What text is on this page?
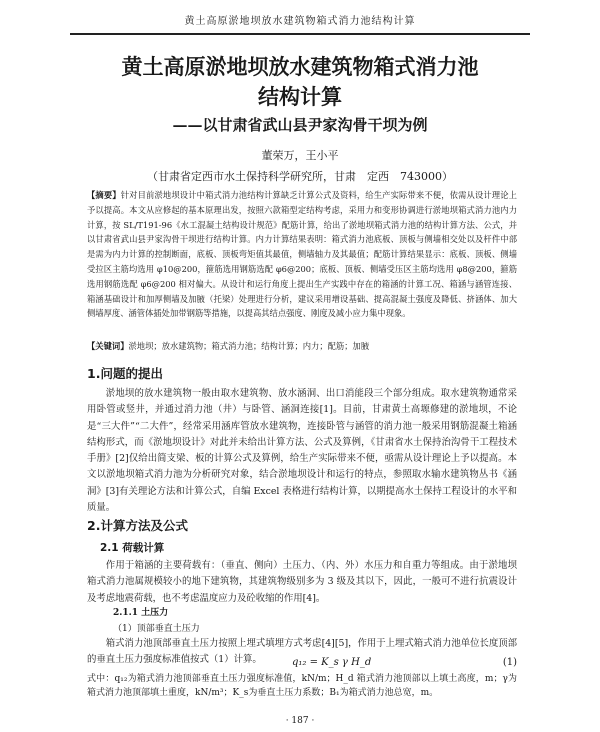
黄土高原淤地坝放水建筑物箱式消力池结构计算
黄土高原淤地坝放水建筑物箱式消力池
结构计算
——以甘肃省武山县尹家沟骨干坝为例
董荣万，王小平
（甘肃省定西市水土保持科学研究所，甘肃　定西　743000）
【摘要】针对目前淤地坝设计中箱式消力池结构计算缺乏计算公式及资料，给生产实际带来不便，依需从设计理论上予以提高。本文从应修起的基本原理出发，按照六款箱型定结构考虑，采用力和变形协调进行淤地坝箱式消力池内力计算，按 SL/T191-96《水工混凝土结构设计规范》配筋计算，给出了淤地坝箱式消力池的结构计算方法、公式，并以甘肃省武山县尹家沟骨干坝进行结构计算。内力计算结果表明：箱式消力池底板、顶板与侧墙相交处以及杆件中部是需为内力计算的控制断面，底板、顶板弯矩值其最值，侧墙轴力及其最值；配筋计算结果显示：底板、顶板、侧墙受拉区主筋均选用 φ10@200，箍筋选用钢筋选配 φ6@200；底板、顶板、侧墙受压区主筋均选用 φ8@200，箍筋选用钢筋选配 φ6@200 相对偏大。从设计和运行角度上提出生产实践中存在的箱涵的计算工况、箱涵与涵管连接、箱涵基础设计和加厚侧墙及加腋（托梁）处理进行分析，建议采用增设基础、提高混凝土强度及降低、挤涵体、加大侧墙厚度、涵管体插处加带钢筋等措施，以提高其结点强度、刚度及减小应力集中现象。
【关键词】淤地坝；放水建筑物；箱式消力池；结构计算；内力；配筋；加腋
1.问题的提出

淤地坝的放水建筑物一般由取水建筑物、放水涵洞、出口消能段三个部分组成。取水建筑物通常采用卧管或竖井，并通过消力池（井）与卧管、涵洞连接[1]。目前，甘肃黄土高塬修建的淤地坝，不论是“三大件”“二大件”，经常采用涵库管放水建筑物，连接卧管与涵管的消力池一般采用钢筋混凝土箱涵结构形式，而《淤地坝设计》对此并未给出计算方法、公式及算例，《甘肃省水土保持治沟骨干工程技术手册》[2]仅给出简支梁、板的计算公式及算例，给生产实际带来不便，亟需从设计理论上予以提高。本文以淤地坝箱式消力池为分析研究对象，结合淤地坝设计和运行的特点，参照取水输水建筑物丛书《涵洞》[3]有关理论方法和计算公式，自编 Excel 表格进行结构计算，以期提高水土保持工程设计的水平和质量。

2.计算方法及公式
2.1 荷载计算

作用于箱涵的主要荷载有：（垂直、侧向）土压力、（内、外）水压力和自重力等组成。由于淤地坝箱式消力池属规模较小的地下建筑物，其建筑物级别多为 3 级及其以下，因此，一般可不进行抗震设计及考虑地震荷载，也不考虑温度应力及砼收缩的作用[4]。

2.1.1 土压力
（1）顶部垂直土压力

箱式消力池顶部垂直土压力按照上埋式填埋方式考虑[4][5]，作用于上埋式箱式消力池单位长度顶部的垂直土压力强度标准值按式（1）计算。	q₁₂ = K_s γ H_d	(1)

式中：q₁₂为箱式消力池顶部垂直土压力强度标准值，kN/m；H_d 箱式消力池顶部以上填土高度，m；γ为箱式消力池顶部填土重度，kN/m³；K_s为垂直土压力系数；B₁为箱式消力池总宽，m。

· 187 ·
